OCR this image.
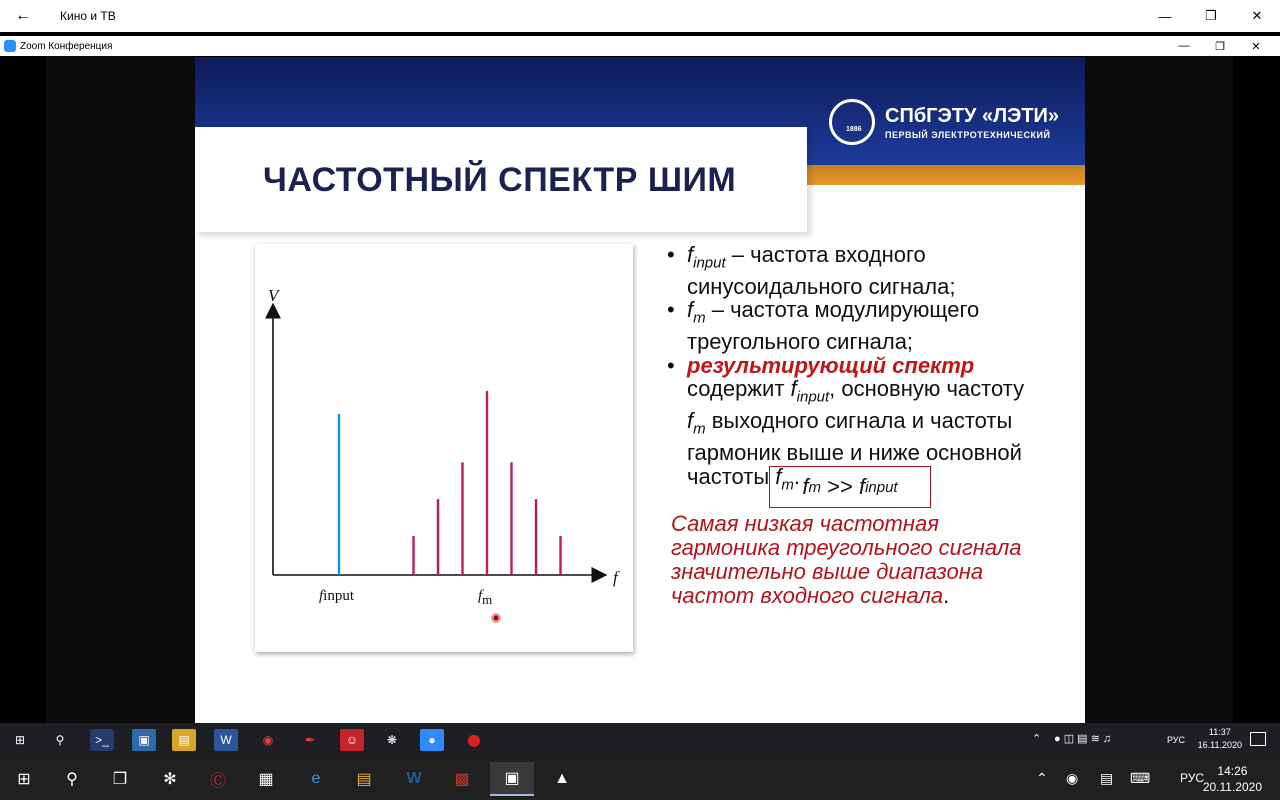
←	Кино и ТВ	—	❐	✕
Zoom Конференция	—	❐	✕
ЧАСТОТНЫЙ СПЕКТР ШИМ
1886
СПбГЭТУ «ЛЭТИ»
ПЕРВЫЙ ЭЛЕКТРОТЕХНИЧЕСКИЙ
V
f
finput	fm
• $f_{input}$ – частота входного синусоидального сигнала;
• $f_m$ – частота модулирующего треугольного сигнала;
• результирующий спектр содержит $f_{input}$, основную частоту $f_m$ выходного сигнала и частоты гармоник выше и ниже основной частоты $f_m$. f m >> f input
Самая низкая частотная гармоника треугольного сигнала значительно выше диапазона частот входного сигнала.
⊞	⚲	>_	▣	▤	W	◉	✒	☺	❋	●	⬤	⌃ ● ◫ ▤ ≋ ♫	РУС
11:37
16.11.2020
⊞	⚲	❐	✻	Ⓒ	▦	e	▤	W	▩	▣	▲	⌃ ◉ ▤ ⌨ РУС	14:26
20.11.2020
